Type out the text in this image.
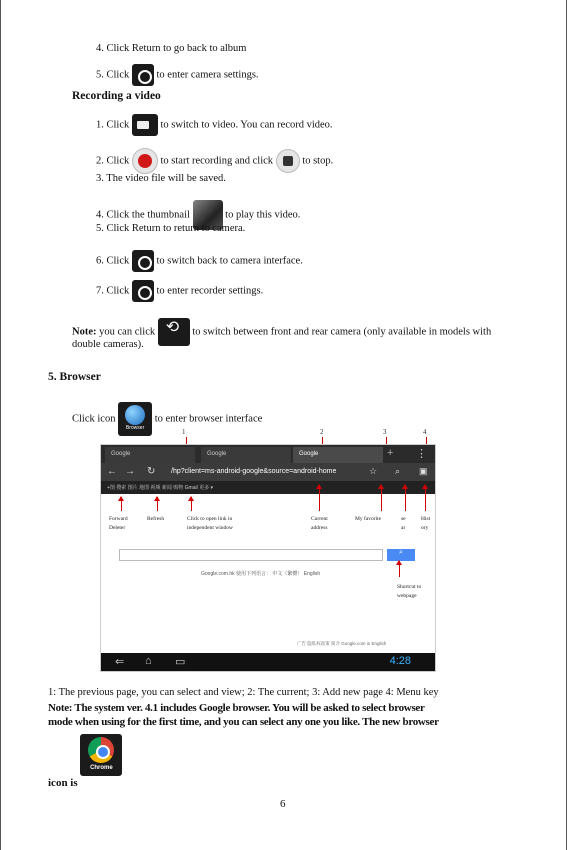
4. Click Return to go back to album
5. Click	to enter camera settings.
Recording a video
1. Click	to switch to video. You can record video.
2. Click	to start recording and click	to stop.
3. The video file will be saved.
4. Click the thumbnail	to play this video.
5. Click Return to return to camera.
6. Click	to switch back to camera interface.
7. Click	to enter recorder settings.
Note: you can click ⟲	to switch between front and rear camera (only available in models with
double cameras).
5. Browser
Click icon
Browser
to enter browser interface
1	2	3	4
Google	Google	Google	+ ⋮
← → ↻ /hp?client=ms-android-google&source=android-home	☆ ⌕ ▣
+图 搜索 图片 地图 视频 新闻 购物 Gmail 更多 ▾
⌕
Google.com.hk 使用下列语言： 中文（繁體） English
广告 隐私权政策 简介 Google.com in English
⇐ ⌂ ▭	4:28
Forward Deleter
Refresh	Click to open link in independent window
Current address
My favorite	se ar
Hist ory
Shortcut to webpage
1: The previous page, you can select and view; 2: The current; 3: Add new page 4: Menu key
Note: The system ver. 4.1 includes Google browser. You will be asked to select browser
mode when using for the first time, and you can select any one you like. The new browser
icon is
Chrome
6
